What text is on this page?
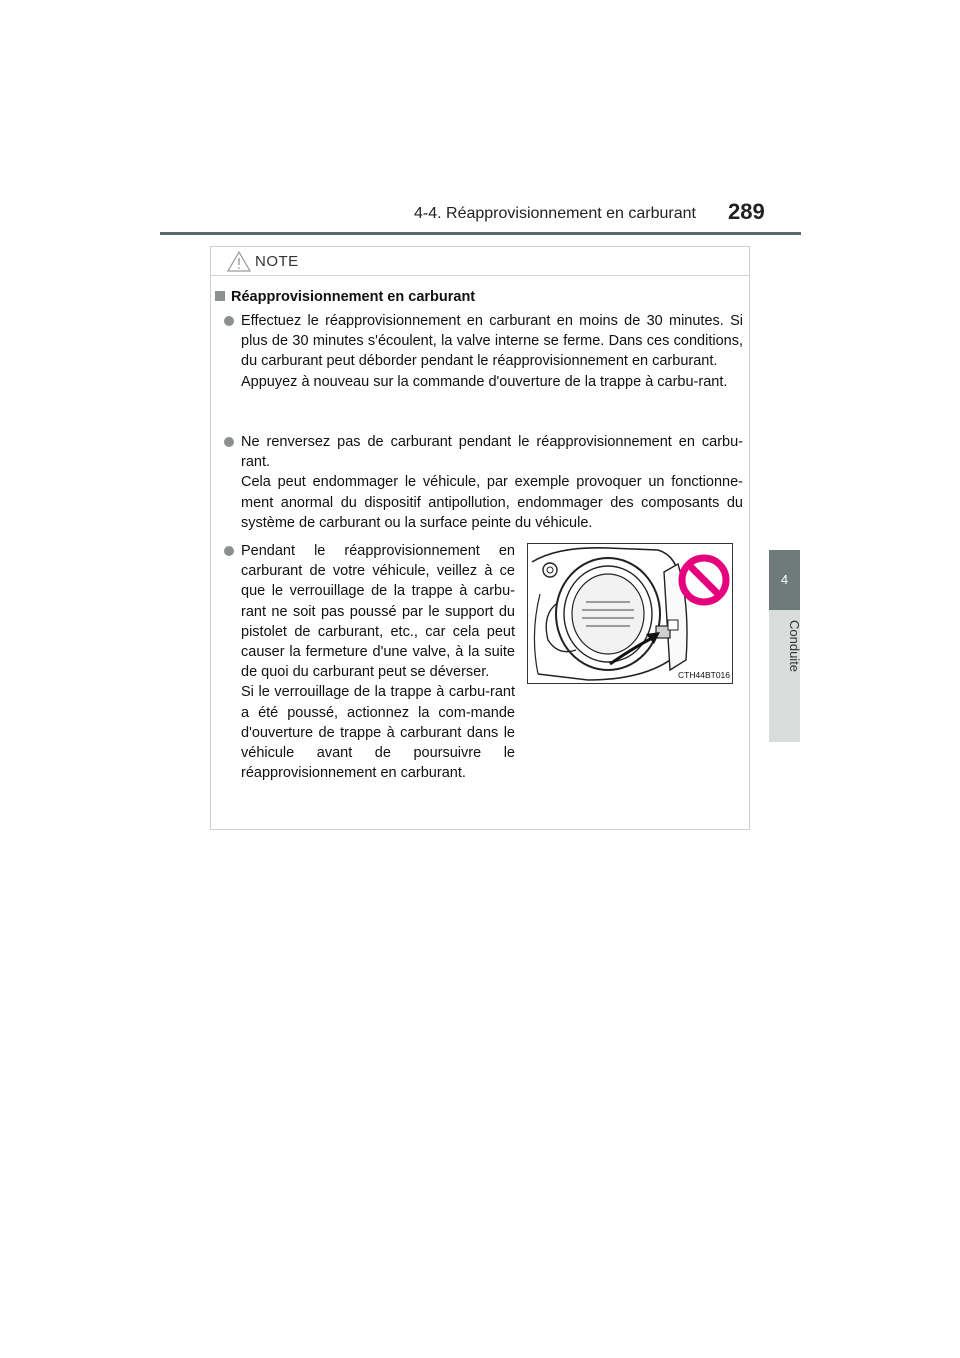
4-4. Réapprovisionnement en carburant 289
4
Conduite
NOTE
Réapprovisionnement en carburant

Effectuez le réapprovisionnement en carburant en moins de 30 minutes. Si plus de 30 minutes s'écoulent, la valve interne se ferme. Dans ces conditions, du carburant peut déborder pendant le réapprovisionnement en carburant.

Appuyez à nouveau sur la commande d'ouverture de la trappe à carbu-rant.

Ne renversez pas de carburant pendant le réapprovisionnement en carbu-rant.

Cela peut endommager le véhicule, par exemple provoquer un fonctionne-ment anormal du dispositif antipollution, endommager des composants du système de carburant ou la surface peinte du véhicule.

Pendant le réapprovisionnement en carburant de votre véhicule, veillez à ce que le verrouillage de la trappe à carbu-rant ne soit pas poussé par le support du pistolet de carburant, etc., car cela peut causer la fermeture d'une valve, à la suite de quoi du carburant peut se déverser.

Si le verrouillage de la trappe à carbu-rant a été poussé, actionnez la com-mande d'ouverture de trappe à carburant dans le véhicule avant de poursuivre le réapprovisionnement en carburant.

CTH44BT016
